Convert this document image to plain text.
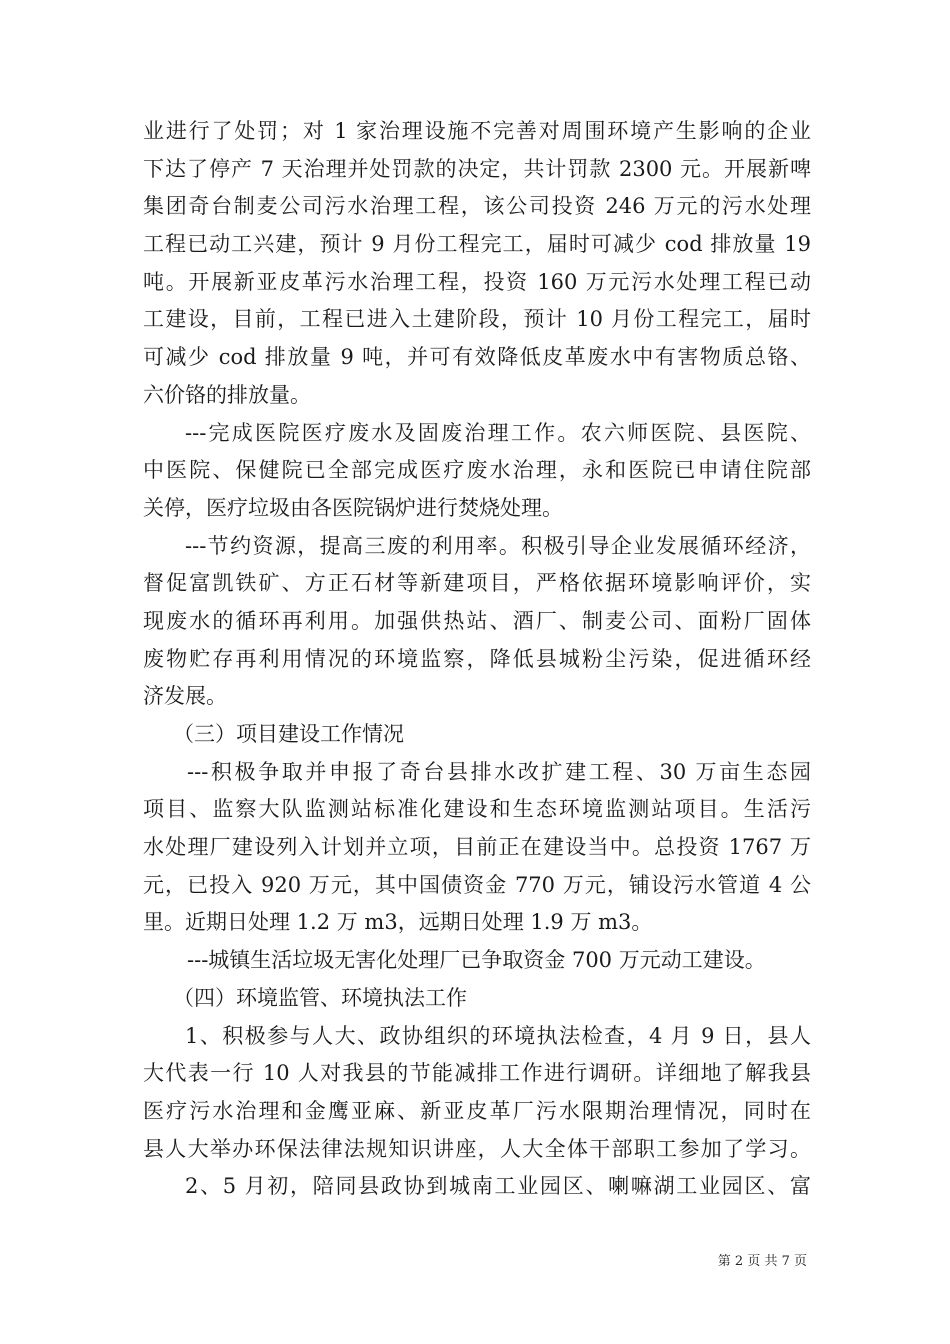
业进行了处罚；对 1 家治理设施不完善对周围环境产生影响的企业
下达了停产 7 天治理并处罚款的决定，共计罚款 2300 元。开展新啤
集团奇台制麦公司污水治理工程，该公司投资 246 万元的污水处理
工程已动工兴建，预计 9 月份工程完工，届时可减少 cod 排放量 19
吨。开展新亚皮革污水治理工程，投资 160 万元污水处理工程已动
工建设，目前，工程已进入土建阶段，预计 10 月份工程完工，届时
可减少 cod 排放量 9 吨，并可有效降低皮革废水中有害物质总铬、
六价铬的排放量。
---完成医院医疗废水及固废治理工作。农六师医院、县医院、
中医院、保健院已全部完成医疗废水治理，永和医院已申请住院部
关停，医疗垃圾由各医院锅炉进行焚烧处理。
---节约资源，提高三废的利用率。积极引导企业发展循环经济，
督促富凯铁矿、方正石材等新建项目，严格依据环境影响评价，实
现废水的循环再利用。加强供热站、酒厂、制麦公司、面粉厂固体
废物贮存再利用情况的环境监察，降低县城粉尘污染，促进循环经
济发展。
（三）项目建设工作情况
---积极争取并申报了奇台县排水改扩建工程、30 万亩生态园
项目、监察大队监测站标准化建设和生态环境监测站项目。生活污
水处理厂建设列入计划并立项，目前正在建设当中。总投资 1767 万
元，已投入 920 万元，其中国债资金 770 万元，铺设污水管道 4 公
里。近期日处理 1.2 万 m3，远期日处理 1.9 万 m3。
---城镇生活垃圾无害化处理厂已争取资金 700 万元动工建设。
（四）环境监管、环境执法工作
1、积极参与人大、政协组织的环境执法检查，4 月 9 日，县人
大代表一行 10 人对我县的节能减排工作进行调研。详细地了解我县
医疗污水治理和金鹰亚麻、新亚皮革厂污水限期治理情况，同时在
县人大举办环保法律法规知识讲座，人大全体干部职工参加了学习。
2、5 月初，陪同县政协到城南工业园区、喇嘛湖工业园区、富
第 2 页 共 7 页
